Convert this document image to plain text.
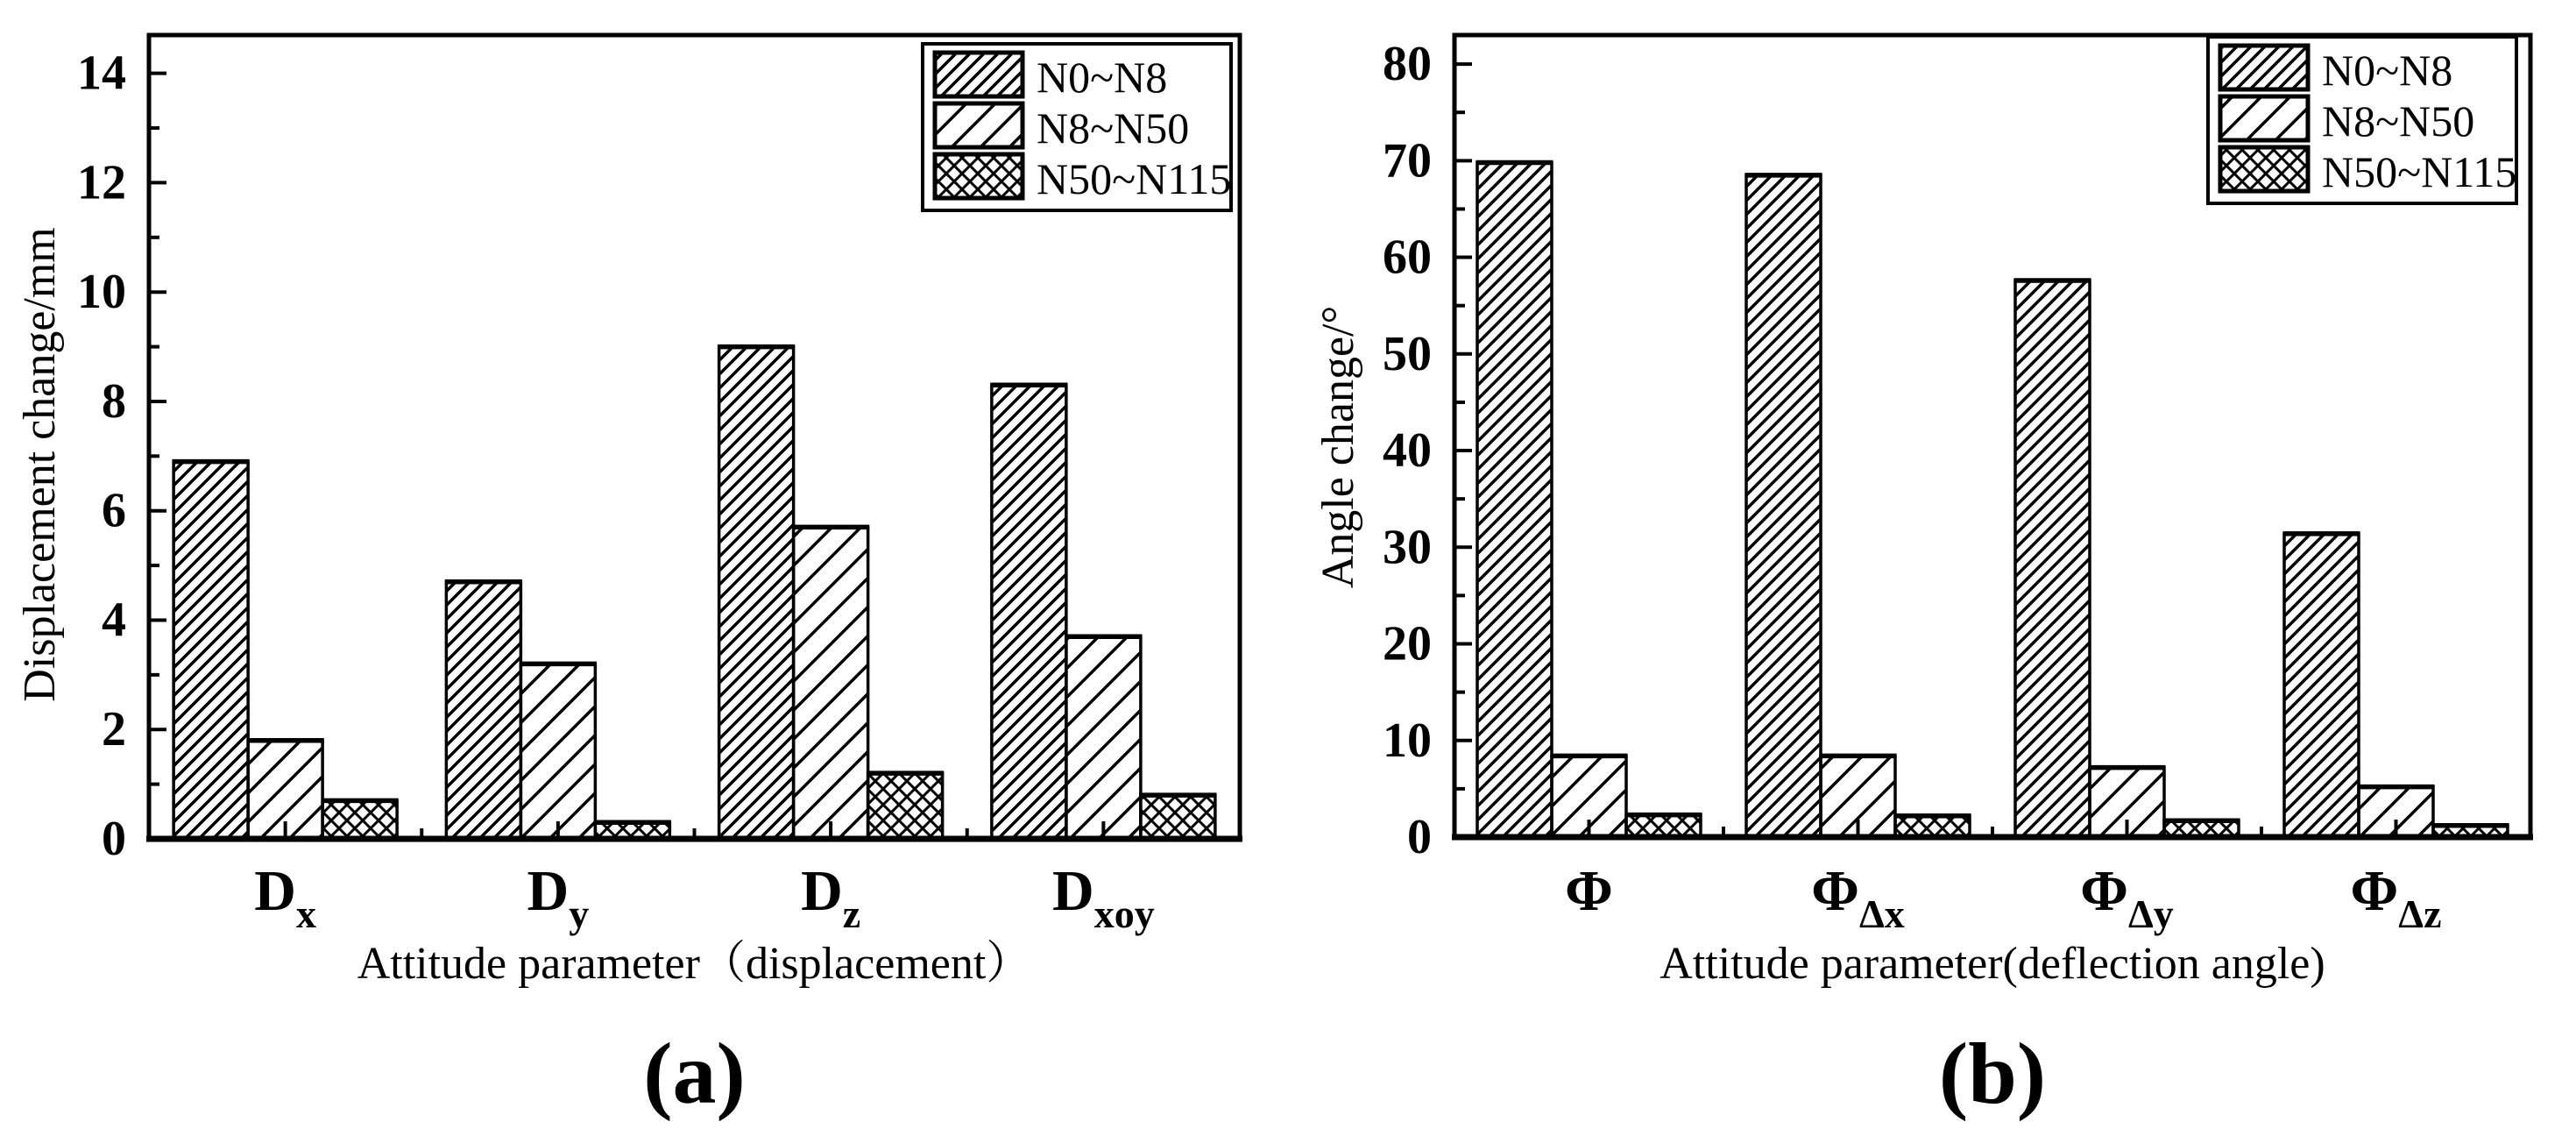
0
2
4
6
8
10
12
14
$D_x$	$D_y$	$D_z$	$D_{xoy}$
Attitude parameter（displacement）
Displacement change/mm
(a)
N0~N8
N8~N50
N50~N115
0
10
20
30
40
50
60
70
80
Φ	$\Phi_{\Delta x}$	$\Phi_{\Delta y}$	$\Phi_{\Delta z}$
Attitude parameter(deflection angle)
Angle change/°
(b)
N0~N8
N8~N50
N50~N115
